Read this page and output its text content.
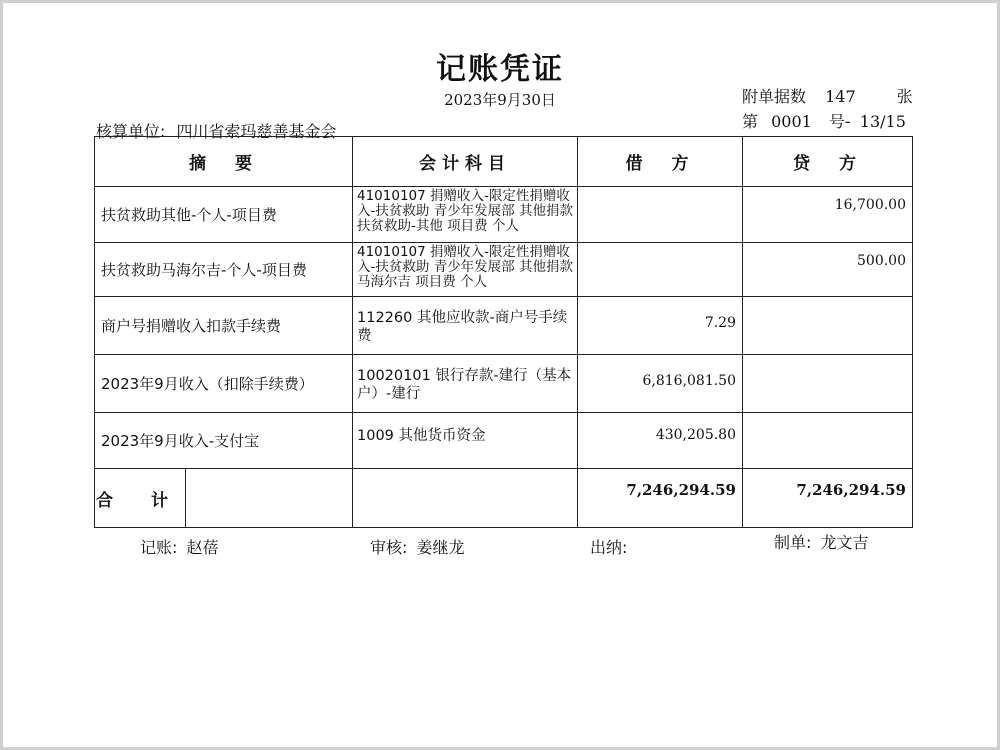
记账凭证
2023年9月30日	附单据数 147	张
第 0001 号- 13/15
核算单位: 四川省索玛慈善基金会
摘　要	会计科目	借　方	贷　方
扶贫救助其他-个人-项目费	41010107 捐赠收入-限定性捐赠收入-扶贫救助 青少年发展部 其他捐款 扶贫救助-其他 项目费 个人		16,700.00
扶贫救助马海尔吉-个人-项目费	41010107 捐赠收入-限定性捐赠收入-扶贫救助 青少年发展部 其他捐款 马海尔吉 项目费 个人		500.00
商户号捐赠收入扣款手续费	112260 其他应收款-商户号手续费	7.29	
2023年9月收入（扣除手续费）	10020101 银行存款-建行（基本户）-建行	6,816,081.50	
2023年9月收入-支付宝	1009 其他货币资金	430,205.80	

合 计		7,246,294.59	7,246,294.59
记账: 赵蓓	审核: 姜继龙	出纳:	制单: 龙文吉
